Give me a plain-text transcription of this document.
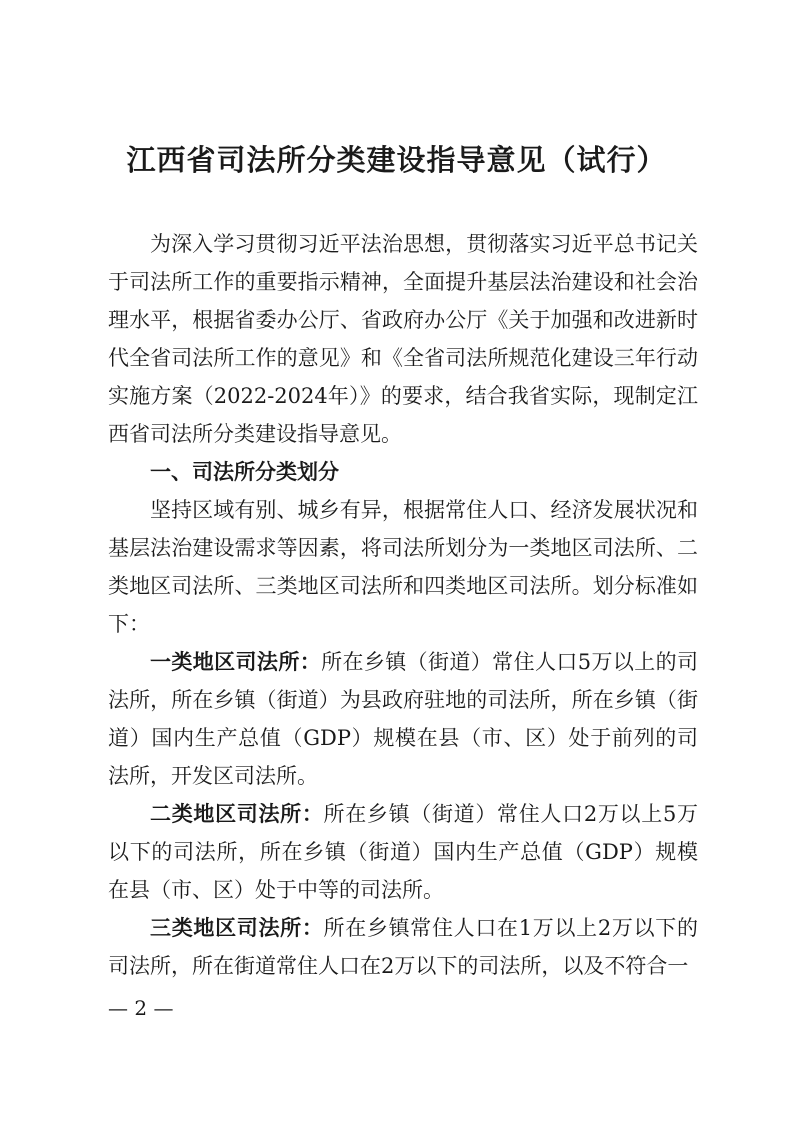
江西省司法所分类建设指导意见（试行）

为深入学习贯彻习近平法治思想，贯彻落实习近平总书记关于司法所工作的重要指示精神，全面提升基层法治建设和社会治理水平，根据省委办公厅、省政府办公厅《关于加强和改进新时代全省司法所工作的意见》和《全省司法所规范化建设三年行动实施方案（2022-2024年）》的要求，结合我省实际，现制定江西省司法所分类建设指导意见。

一、司法所分类划分

坚持区域有别、城乡有异，根据常住人口、经济发展状况和基层法治建设需求等因素，将司法所划分为一类地区司法所、二类地区司法所、三类地区司法所和四类地区司法所。划分标准如下：

一类地区司法所：所在乡镇（街道）常住人口5万以上的司法所，所在乡镇（街道）为县政府驻地的司法所，所在乡镇（街道）国内生产总值（GDP）规模在县（市、区）处于前列的司法所，开发区司法所。

二类地区司法所：所在乡镇（街道）常住人口2万以上5万以下的司法所，所在乡镇（街道）国内生产总值（GDP）规模在县（市、区）处于中等的司法所。

三类地区司法所：所在乡镇常住人口在1万以上2万以下的司法所，所在街道常住人口在2万以下的司法所，以及不符合一

— 2 —
